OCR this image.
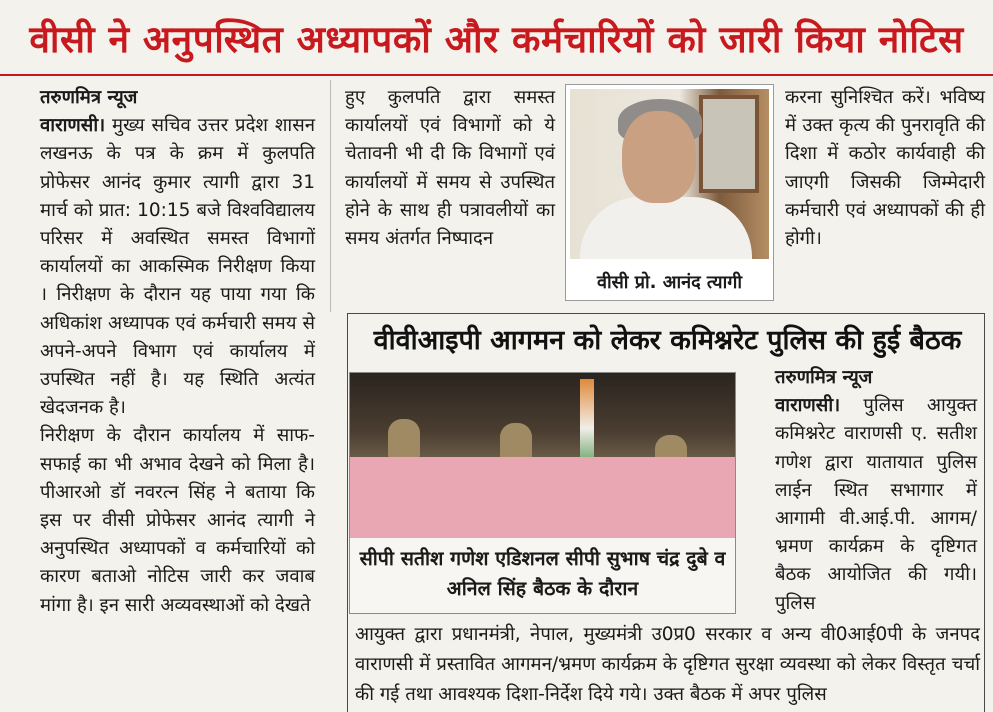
वीसी ने अनुपस्थित अध्यापकों और कर्मचारियों को जारी किया नोटिस

तरुणमित्र न्यूज

वाराणसी। मुख्य सचिव उत्तर प्रदेश शासन लखनऊ के पत्र के क्रम में कुलपति प्रोफेसर आनंद कुमार त्यागी द्वारा 31 मार्च को प्रात: 10:15 बजे विश्वविद्यालय परिसर में अवस्थित समस्त विभागों कार्यालयों का आकस्मिक निरीक्षण किया । निरीक्षण के दौरान यह पाया गया कि अधिकांश अध्यापक एवं कर्मचारी समय से अपने-अपने विभाग एवं कार्यालय में उपस्थित नहीं है। यह स्थिति अत्यंत खेदजनक है।

निरीक्षण के दौरान कार्यालय में साफ-सफाई का भी अभाव देखने को मिला है। पीआरओ डॉ नवरत्न सिंह ने बताया कि इस पर वीसी प्रोफेसर आनंद त्यागी ने अनुपस्थित अध्यापकों व कर्मचारियों को कारण बताओ नोटिस जारी कर जवाब मांगा है। इन सारी अव्यवस्थाओं को देखते

हुए कुलपति द्वारा समस्त कार्यालयों एवं विभागों को ये चेतावनी भी दी कि विभागों एवं कार्यालयों में समय से उपस्थित होने के साथ ही पत्रावलीयों का समय अंतर्गत निष्पादन

वीसी प्रो. आनंद त्यागी

करना सुनिश्चित करें। भविष्य में उक्त कृत्य की पुनरावृति की दिशा में कठोर कार्यवाही की जाएगी जिसकी जिम्मेदारी कर्मचारी एवं अध्यापकों की ही होगी।

वीवीआइपी आगमन को लेकर कमिश्नरेट पुलिस की हुई बैठक
सीपी सतीश गणेश एडिशनल सीपी सुभाष चंद्र दुबे व अनिल सिंह बैठक के दौरान

तरुणमित्र न्यूज

वाराणसी। पुलिस आयुक्त कमिश्नरेट वाराणसी ए. सतीश गणेश द्वारा यातायात पुलिस लाईन स्थित सभागार में आगामी वी.आई.पी. आगम/ भ्रमण कार्यक्रम के दृष्टिगत बैठक आयोजित की गयी। पुलिस

आयुक्त द्वारा प्रधानमंत्री, नेपाल, मुख्यमंत्री उ0प्र0 सरकार व अन्य वी0आई0पी के जनपद वाराणसी में प्रस्तावित आगमन/भ्रमण कार्यक्रम के दृष्टिगत सुरक्षा व्यवस्था को लेकर विस्तृत चर्चा की गई तथा आवश्यक दिशा-निर्देश दिये गये। उक्त बैठक में अपर पुलिस
